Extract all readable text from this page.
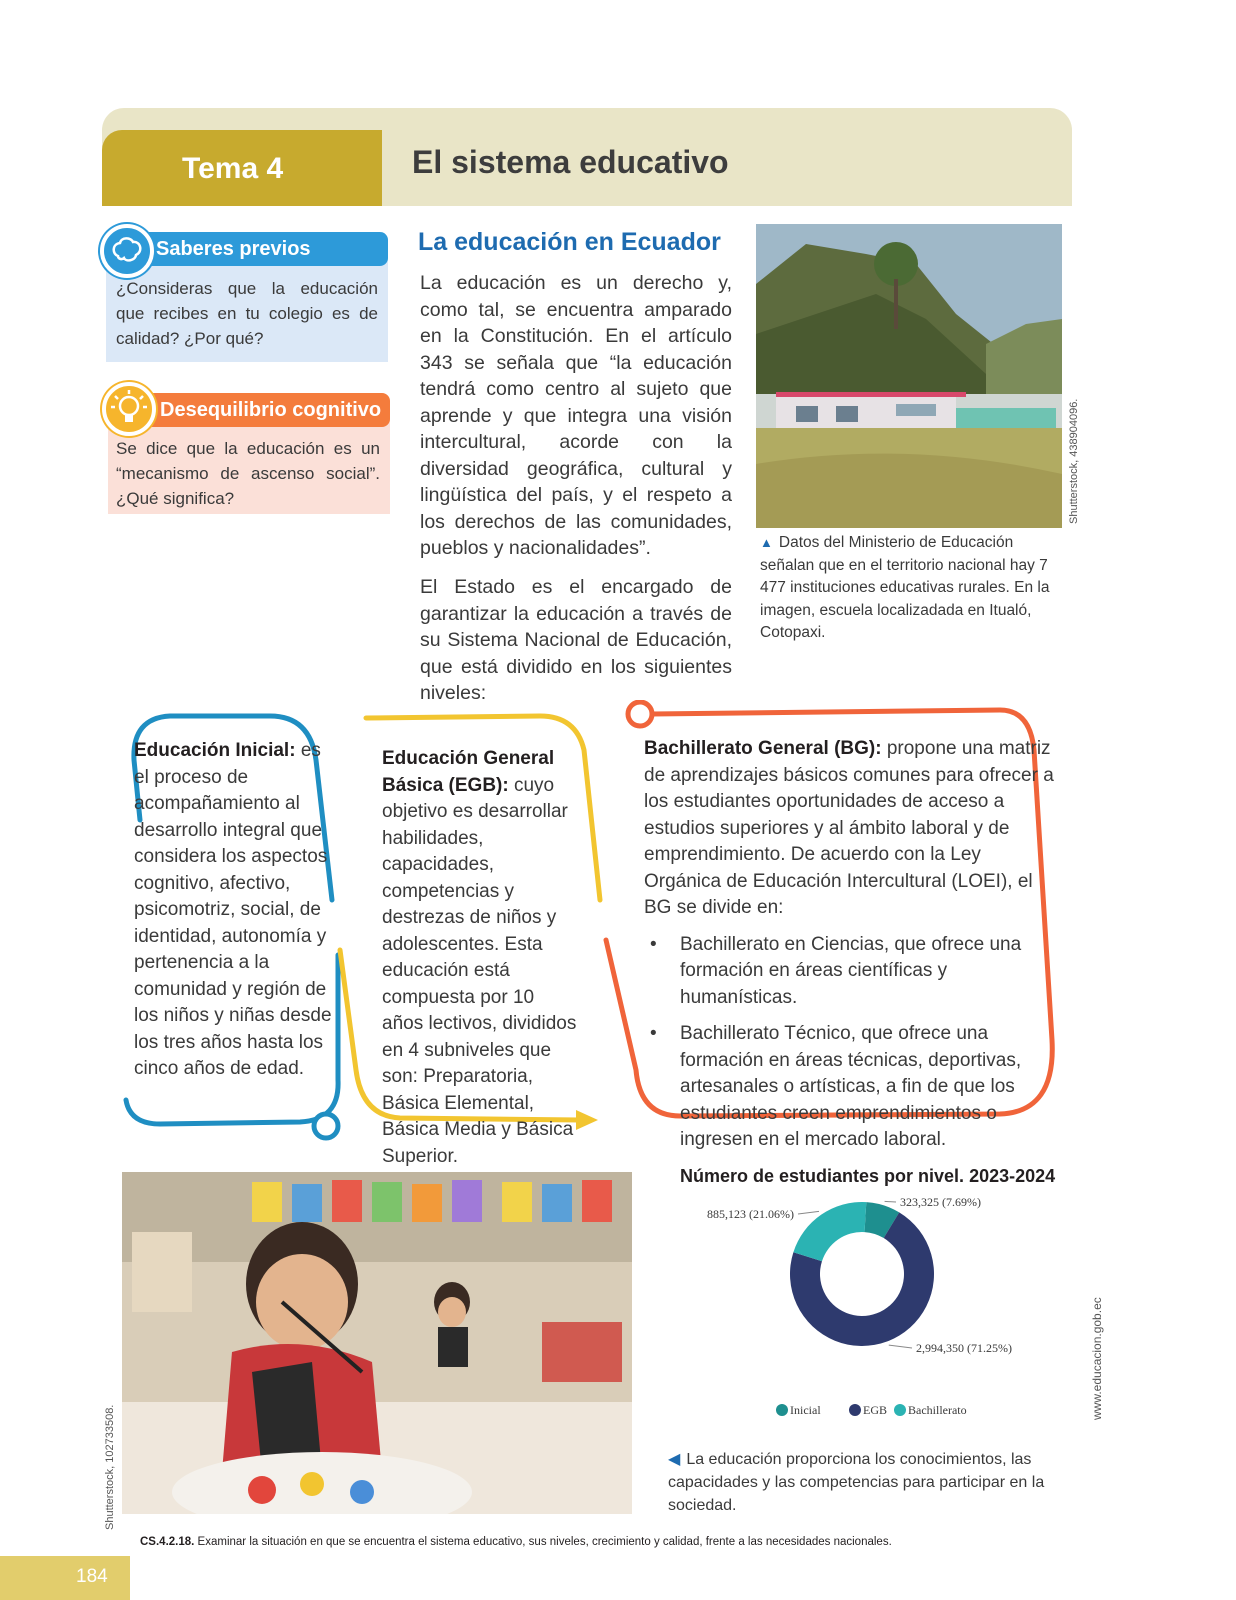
Tema 4	El sistema educativo
Saberes previos
¿Consideras que la educación que recibes en tu colegio es de calidad? ¿Por qué?
Desequilibrio cognitivo
Se dice que la educación es un “mecanismo de ascenso social”. ¿Qué significa?
La educación en Ecuador
La educación es un derecho y, como tal, se encuentra amparado en la Constitución. En el artículo 343 se señala que “la educación tendrá como centro al sujeto que aprende y que integra una visión intercultural, acorde con la diversidad geográfica, cultural y lingüística del país, y el respeto a los derechos de las comunidades, pueblos y nacionalidades”.
El Estado es el encargado de garantizar la educación a través de su Sistema Nacional de Educación, que está dividido en los siguientes niveles:
Shutterstock, 438904096.
▲ Datos del Ministerio de Educación señalan que en el territorio nacional hay 7 477 instituciones educativas rurales. En la imagen, escuela localizadada en Itualó, Cotopaxi.
Educación Inicial: es el proceso de acompañamiento al desarrollo integral que considera los aspectos cognitivo, afectivo, psicomotriz, social, de identidad, autonomía y pertenencia a la comunidad y región de los niños y niñas desde los tres años hasta los cinco años de edad.
Educación General Básica (EGB): cuyo objetivo es desarrollar habilidades, capacidades, competencias y destrezas de niños y adolescentes. Esta educación está compuesta por 10 años lectivos, divididos en 4 subniveles que son: Preparatoria, Básica Elemental, Básica Media y Básica Superior.
Bachillerato General (BG): propone una matriz de aprendizajes básicos comunes para ofrecer a los estudiantes oportunidades de acceso a estudios superiores y al ámbito laboral y de emprendimiento. De acuerdo con la Ley Orgánica de Educación Intercultural (LOEI), el BG se divide en:
• Bachillerato en Ciencias, que ofrece una formación en áreas científicas y humanísticas.
• Bachillerato Técnico, que ofrece una formación en áreas técnicas, deportivas, artesanales o artísticas, a fin de que los estudiantes creen emprendimientos o ingresen en el mercado laboral.
Shutterstock, 102733508.
Número de estudiantes por nivel. 2023-2024
323,325 (7.69%)
2,994,350 (71.25%)
885,123 (21.06%)
Inicial	EGB Bachillerato	www.educacion.gob.ec
◀ La educación proporciona los conocimientos, las capacidades y las competencias para participar en la sociedad.
CS.4.2.18. Examinar la situación en que se encuentra el sistema educativo, sus niveles, crecimiento y calidad, frente a las necesidades nacionales.
184
